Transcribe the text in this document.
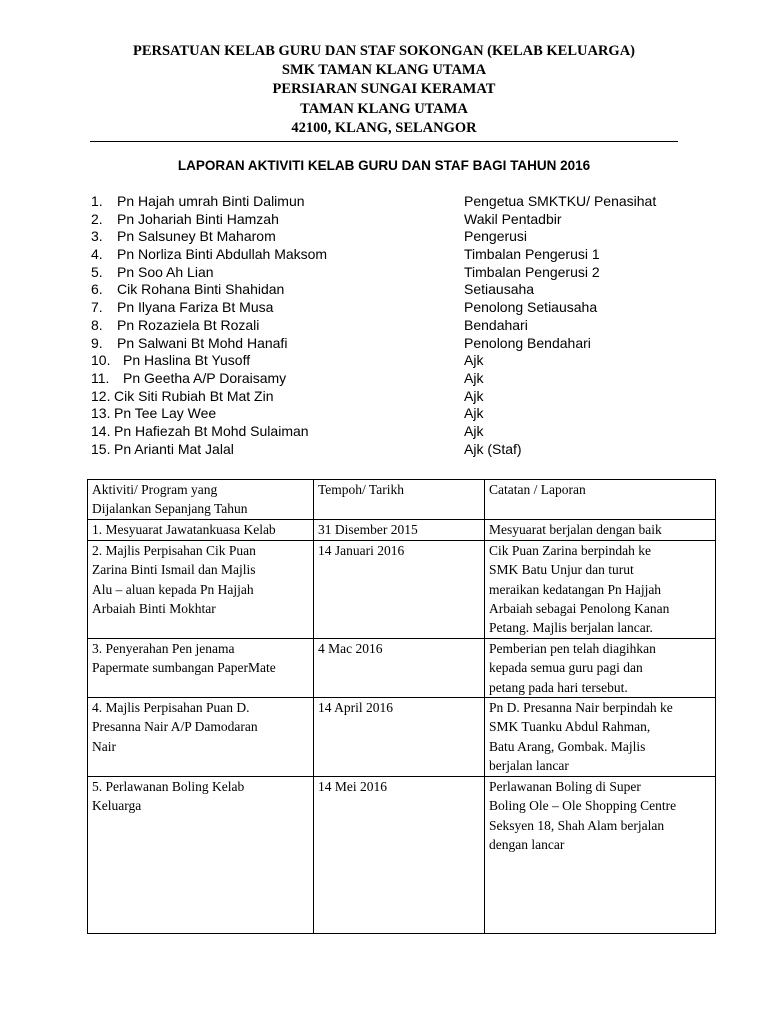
PERSATUAN KELAB GURU DAN STAF SOKONGAN (KELAB KELUARGA)
SMK TAMAN KLANG UTAMA
PERSIARAN SUNGAI KERAMAT
TAMAN KLANG UTAMA
42100, KLANG, SELANGOR
LAPORAN AKTIVITI KELAB GURU DAN STAF BAGI TAHUN 2016
1. Pn Hajah umrah Binti Dalimun	Pengetua SMKTKU/ Penasihat
2. Pn Johariah Binti Hamzah	Wakil Pentadbir
3. Pn Salsuney Bt Maharom	Pengerusi
4. Pn Norliza Binti Abdullah Maksom	Timbalan Pengerusi 1
5. Pn Soo Ah Lian	Timbalan Pengerusi 2
6. Cik Rohana Binti Shahidan	Setiausaha
7. Pn Ilyana Fariza Bt Musa	Penolong Setiausaha
8. Pn Rozaziela Bt Rozali	Bendahari
9. Pn Salwani Bt Mohd Hanafi	Penolong Bendahari
10. Pn Haslina Bt Yusoff	Ajk
11. Pn Geetha A/P Doraisamy	Ajk
12. Cik Siti Rubiah Bt Mat Zin	Ajk
13. Pn Tee Lay Wee	Ajk
14. Pn Hafiezah Bt Mohd Sulaiman	Ajk
15. Pn Arianti Mat Jalal	Ajk (Staf)
Aktiviti/ Program yang
Dijalankan Sepanjang Tahun	Tempoh/ Tarikh	Catatan / Laporan

1. Mesyuarat Jawatankuasa Kelab	31 Disember 2015	Mesyuarat berjalan dengan baik

2. Majlis Perpisahan Cik Puan
Zarina Binti Ismail dan Majlis
Alu – aluan kepada Pn Hajjah
Arbaiah Binti Mokhtar	14 Januari 2016	Cik Puan Zarina berpindah ke
SMK Batu Unjur dan turut
meraikan kedatangan Pn Hajjah
Arbaiah sebagai Penolong Kanan
Petang. Majlis berjalan lancar.

3. Penyerahan Pen jenama
Papermate sumbangan PaperMate	4 Mac 2016	Pemberian pen telah diagihkan
kepada semua guru pagi dan
petang pada hari tersebut.

4. Majlis Perpisahan Puan D.
Presanna Nair A/P Damodaran
Nair	14 April 2016	Pn D. Presanna Nair berpindah ke
SMK Tuanku Abdul Rahman,
Batu Arang, Gombak. Majlis
berjalan lancar

5. Perlawanan Boling Kelab
Keluarga	14 Mei 2016	Perlawanan Boling di Super
Boling Ole – Ole Shopping Centre
Seksyen 18, Shah Alam berjalan
dengan lancar
